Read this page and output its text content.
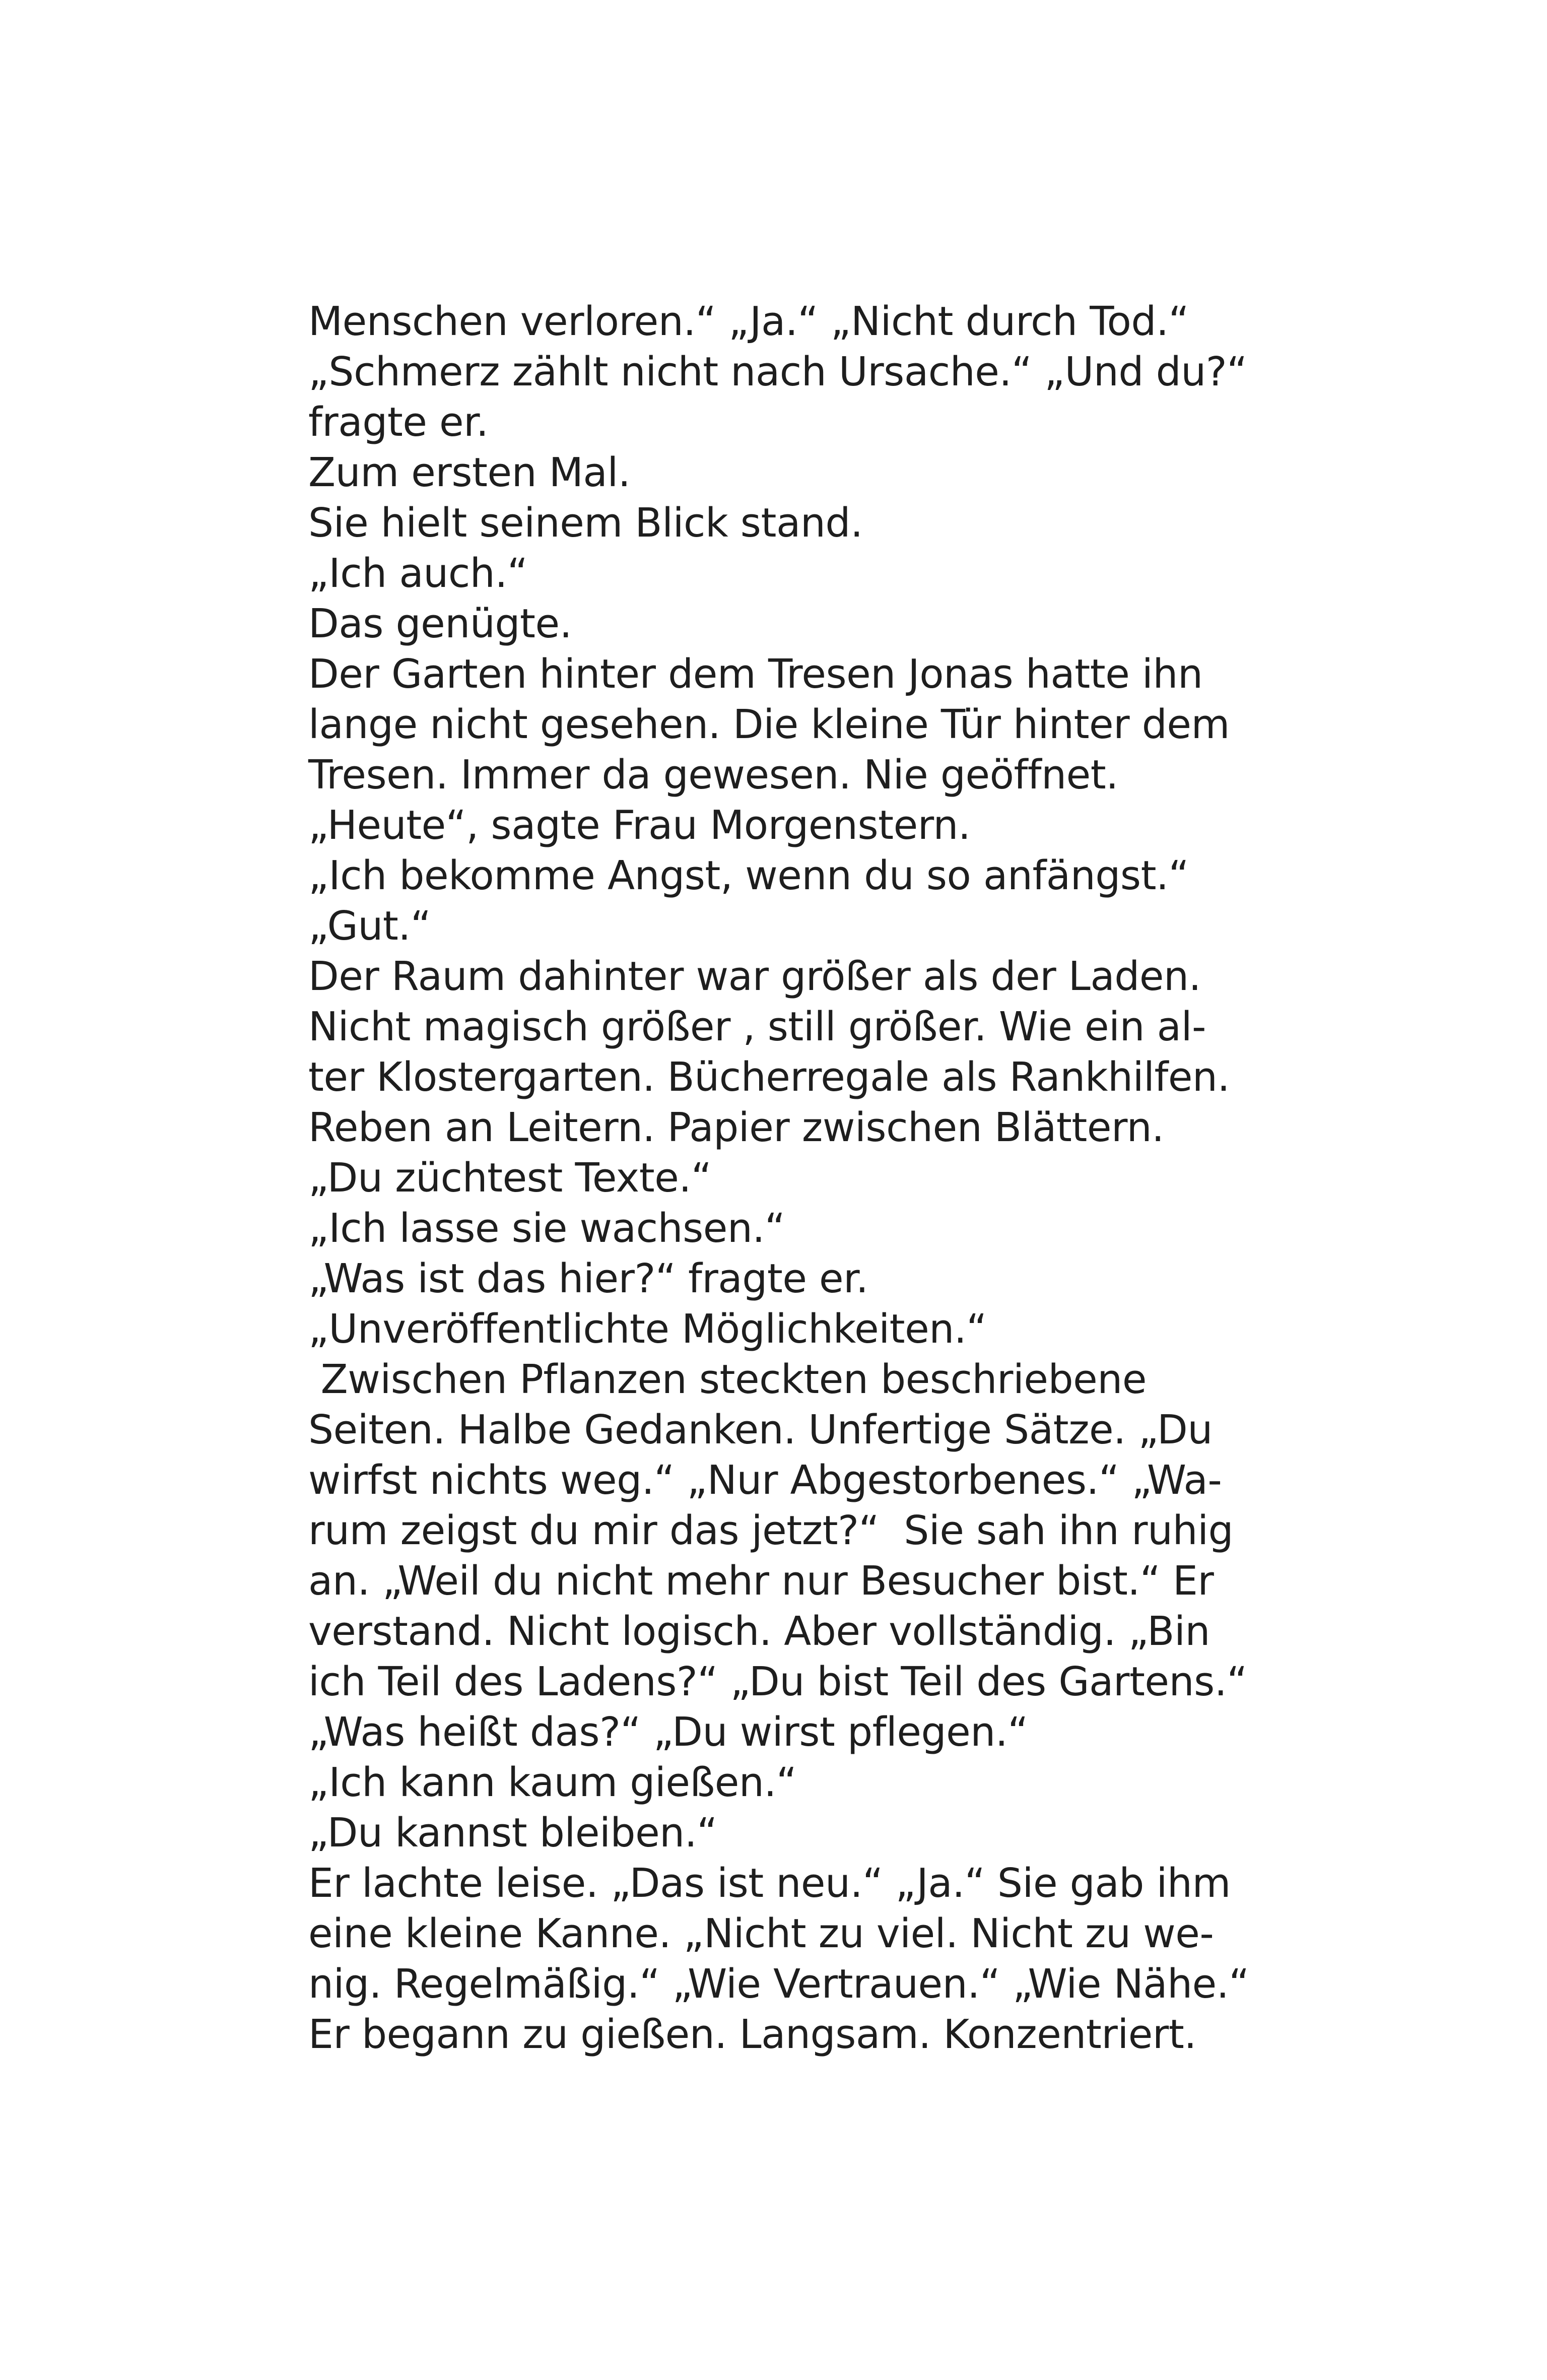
Menschen verloren.“ „Ja.“ „Nicht durch Tod.“
„Schmerz zählt nicht nach Ursache.“ „Und du?“
fragte er.
Zum ersten Mal.
Sie hielt seinem Blick stand.
„Ich auch.“
Das genügte.
Der Garten hinter dem Tresen Jonas hatte ihn
lange nicht gesehen. Die kleine Tür hinter dem
Tresen. Immer da gewesen. Nie geöffnet.
„Heute“, sagte Frau Morgenstern.
„Ich bekomme Angst, wenn du so anfängst.“
„Gut.“
Der Raum dahinter war größer als der Laden.
Nicht magisch größer , still größer. Wie ein al-
ter Klostergarten. Bücherregale als Rankhilfen.
Reben an Leitern. Papier zwischen Blättern.
„Du züchtest Texte.“
„Ich lasse sie wachsen.“
„Was ist das hier?“ fragte er.
„Unveröffentlichte Möglichkeiten.“
Zwischen Pflanzen steckten beschriebene
Seiten. Halbe Gedanken. Unfertige Sätze. „Du
wirfst nichts weg.“ „Nur Abgestorbenes.“ „Wa-
rum zeigst du mir das jetzt?“  Sie sah ihn ruhig
an. „Weil du nicht mehr nur Besucher bist.“ Er
verstand. Nicht logisch. Aber vollständig. „Bin
ich Teil des Ladens?“ „Du bist Teil des Gartens.“
„Was heißt das?“ „Du wirst pflegen.“
„Ich kann kaum gießen.“
„Du kannst bleiben.“
Er lachte leise. „Das ist neu.“ „Ja.“ Sie gab ihm
eine kleine Kanne. „Nicht zu viel. Nicht zu we-
nig. Regelmäßig.“ „Wie Vertrauen.“ „Wie Nähe.“
Er begann zu gießen. Langsam. Konzentriert.
